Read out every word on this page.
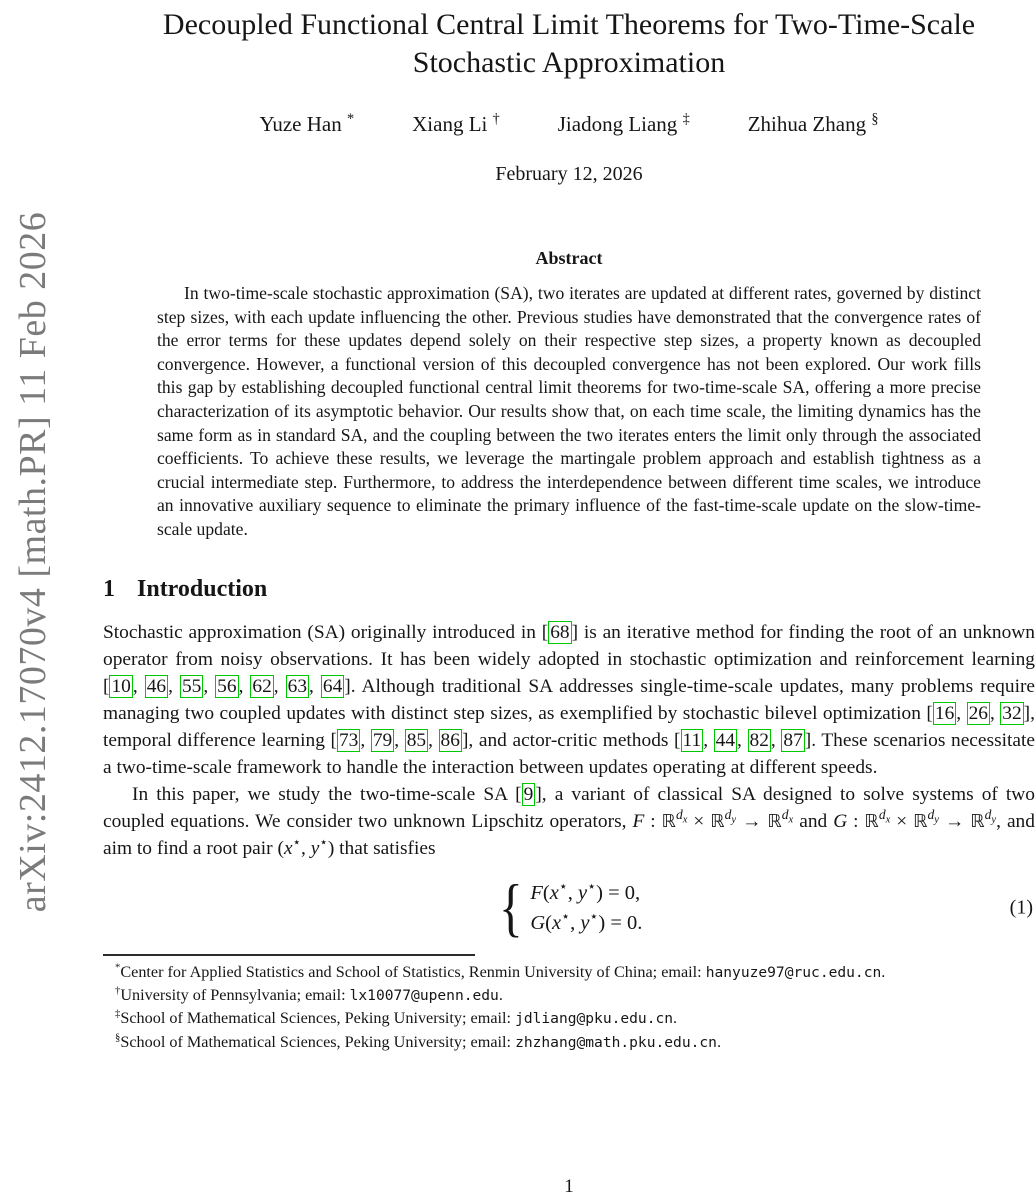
arXiv:2412.17070v4 [math.PR] 11 Feb 2026
Decoupled Functional Central Limit Theorems for Two-Time-Scale
Stochastic Approximation
Yuze Han *	Xiang Li †	Jiadong Liang ‡	Zhihua Zhang §
February 12, 2026
Abstract
In two-time-scale stochastic approximation (SA), two iterates are updated at different rates, governed by distinct step sizes, with each update influencing the other. Previous studies have demonstrated that the convergence rates of the error terms for these updates depend solely on their respective step sizes, a property known as decoupled convergence. However, a functional version of this decoupled convergence has not been explored. Our work fills this gap by establishing decoupled functional central limit theorems for two-time-scale SA, offering a more precise characterization of its asymptotic behavior. Our results show that, on each time scale, the limiting dynamics has the same form as in standard SA, and the coupling between the two iterates enters the limit only through the associated coefficients. To achieve these results, we leverage the martingale problem approach and establish tightness as a crucial intermediate step. Furthermore, to address the interdependence between different time scales, we introduce an innovative auxiliary sequence to eliminate the primary influence of the fast-time-scale update on the slow-time-scale update.
1 Introduction
Stochastic approximation (SA) originally introduced in [ 68 ] is an iterative method for finding the root of an unknown operator from noisy observations. It has been widely adopted in stochastic optimization and reinforcement learning [ 10 , 46 , 55 , 56 , 62 , 63 , 64 ]. Although traditional SA addresses single-time-scale updates, many problems require managing two coupled updates with distinct step sizes, as exemplified by stochastic bilevel optimization [ 16 , 26 , 32 ], temporal difference learning [ 73 , 79 , 85 , 86 ], and actor-critic methods [ 11 , 44 , 82 , 87 ]. These scenarios necessitate a two-time-scale framework to handle the interaction between updates operating at different speeds.
In this paper, we study the two-time-scale SA [ 9 ], a variant of classical SA designed to solve systems of two coupled equations. We consider two unknown Lipschitz operators, F : ℝ$^{d_x}$ × ℝ$^{d_y}$ → ℝ$^{d_x}$ and G : ℝ$^{d_x}$ × ℝ$^{d_y}$ → ℝ$^{d_y}$, and aim to find a root pair (x⋆, y⋆) that satisfies
{ F(x⋆, y⋆) = 0,
G(x⋆, y⋆) = 0.
(1)
*Center for Applied Statistics and School of Statistics, Renmin University of China; email: hanyuze97@ruc.edu.cn.
†University of Pennsylvania; email: lx10077@upenn.edu.
‡School of Mathematical Sciences, Peking University; email: jdliang@pku.edu.cn.
§School of Mathematical Sciences, Peking University; email: zhzhang@math.pku.edu.cn.
1
